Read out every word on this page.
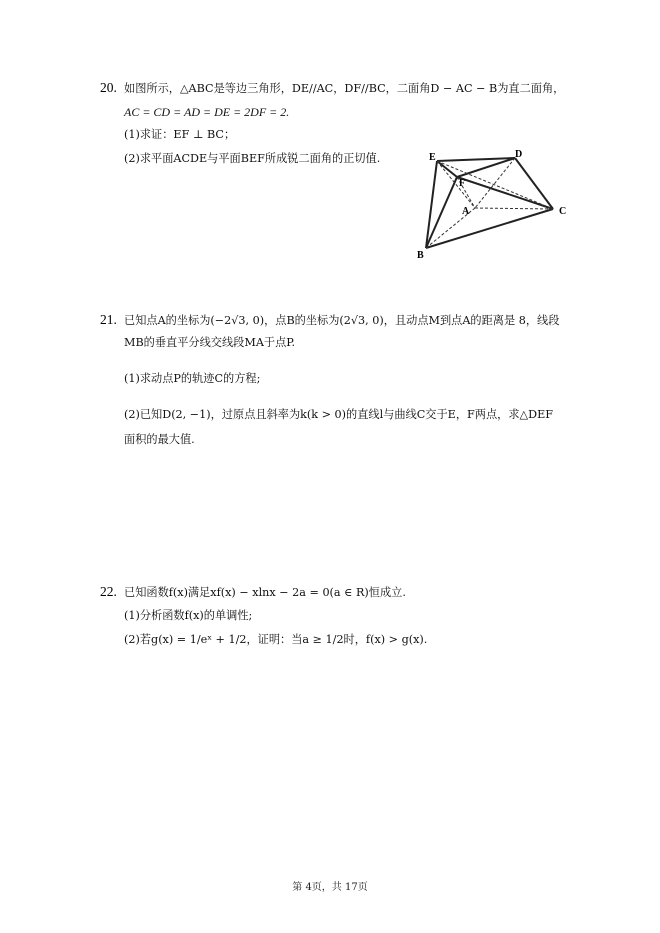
20. 如图所示，△ABC是等边三角形，DE//AC，DF//BC，二面角D − AC − B为直二面角，
AC = CD = AD = DE = 2DF = 2.
(1)求证：EF ⊥ BC；
(2)求平面ACDE与平面BEF所成锐二面角的正切值.	E	D
F
A	C
B
21. 已知点A的坐标为(−2√3, 0)，点B的坐标为(2√3, 0)，且动点M到点A的距离是 8，线段
MB的垂直平分线交线段MA于点P.
(1)求动点P的轨迹C的方程;
(2)已知D(2, −1)，过原点且斜率为k(k > 0)的直线l与曲线C交于E，F两点，求△DEF
面积的最大值.
22. 已知函数f(x)满足xf(x) − xlnx − 2a = 0(a ∈ R)恒成立.
(1)分析函数f(x)的单调性;
(2)若g(x) = 1/eˣ + 1/2，证明：当a ≥ 1/2时，f(x) > g(x).
第 4页，共 17页
